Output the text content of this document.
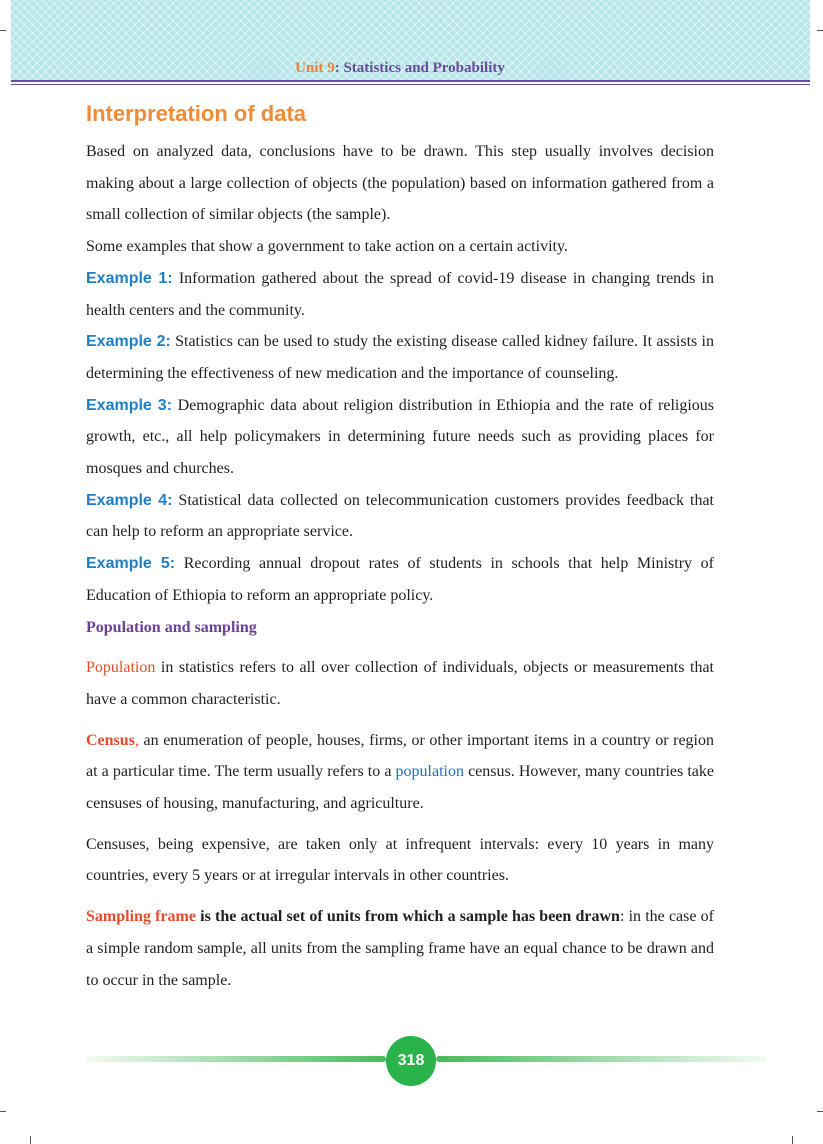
Unit 9: Statistics and Probability
Interpretation of data

Based on analyzed data, conclusions have to be drawn. This step usually involves decision making about a large collection of objects (the population) based on information gathered from a small collection of similar objects (the sample).

Some examples that show a government to take action on a certain activity.

Example 1: Information gathered about the spread of covid-19 disease in changing trends in health centers and the community.

Example 2: Statistics can be used to study the existing disease called kidney failure. It assists in determining the effectiveness of new medication and the importance of counseling.

Example 3: Demographic data about religion distribution in Ethiopia and the rate of religious growth, etc., all help policymakers in determining future needs such as providing places for mosques and churches.

Example 4: Statistical data collected on telecommunication customers provides feedback that can help to reform an appropriate service.

Example 5: Recording annual dropout rates of students in schools that help Ministry of Education of Ethiopia to reform an appropriate policy.

Population and sampling

Population in statistics refers to all over collection of individuals, objects or measurements that have a common characteristic.

Census, an enumeration of people, houses, firms, or other important items in a country or region at a particular time. The term usually refers to a population census. However, many countries take censuses of housing, manufacturing, and agriculture.

Censuses, being expensive, are taken only at infrequent intervals: every 10 years in many countries, every 5 years or at irregular intervals in other countries.

Sampling frame is the actual set of units from which a sample has been drawn: in the case of a simple random sample, all units from the sampling frame have an equal chance to be drawn and to occur in the sample.

318
